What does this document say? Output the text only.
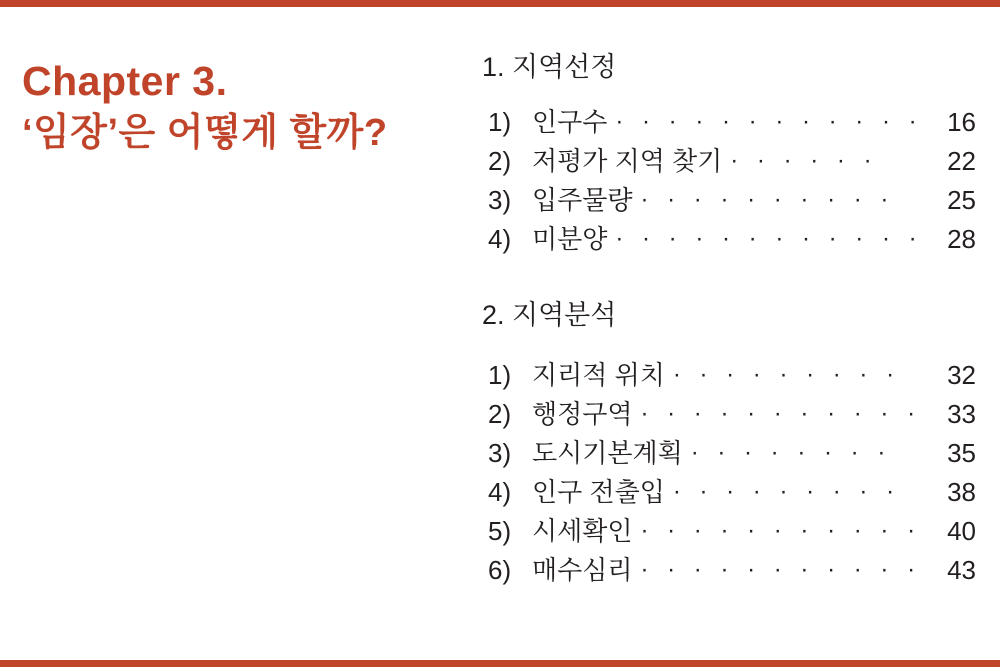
Chapter 3.
‘임장’은 어떻게 할까?
1. 지역선정
1) 인구수 · · · · · · · · · · · · 16
2) 저평가 지역 찾기 · · · · · ·	22
3) 입주물량 · · · · · · · · · ·	25
4) 미분양 · · · · · · · · · · · · 28
2. 지역분석
1) 지리적 위치 · · · · · · · · ·	32
2) 행정구역 · · · · · · · · · · ·	33
3) 도시기본계획 · · · · · · · ·	35
4) 인구 전출입 · · · · · · · · ·	38
5) 시세확인 · · · · · · · · · · ·	40
6) 매수심리 · · · · · · · · · · ·	43
